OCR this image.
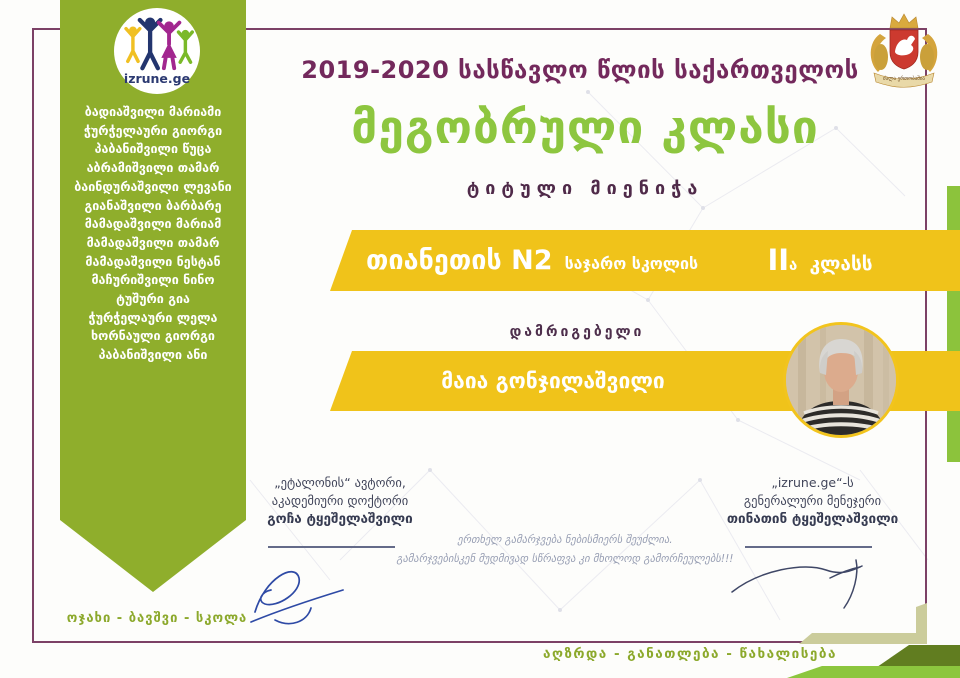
2019-2020 სასწავლო წლის საქართველოს
მეგობრული კლასი
ტიტული მიენიჭა
თიანეთის N2 საჯარო სკოლის	IIა კლასს
დამრიგებელი
მაია გონჯილაშვილი
izrune.ge
ბადიაშვილი მარიამი
ჭურჭელაური გიორგი
პაბანიშვილი წუცა
აბრამიშვილი თამარ
ბაინდურაშვილი ლევანი
გიანაშვილი ბარბარე
მამადაშვილი მარიამ
მამადაშვილი თამარ
მამადაშვილი ნესტან
მაჩურიშვილი ნინო
ტუშური გია
ჭურჭელაური ლელა
ხორნაული გიორგი
პაბანიშვილი ანი
„ეტალონის“ ავტორი,
აკადემიური დოქტორი
გოჩა ტყეშელაშვილი
„izrune.ge“-ს
გენერალური მენეჯერი
თინათინ ტყეშელაშვილი
ერთხელ გამარჯვება ნებისმიერს შეუძლია.
გამარჯვებისკენ მუდმივად სწრაფვა კი მხოლოდ გამორჩეულებს!!!
ოჯახი - ბავშვი - სკოლა
აღზრდა - განათლება - წახალისება
ძალა ერთობაშია
